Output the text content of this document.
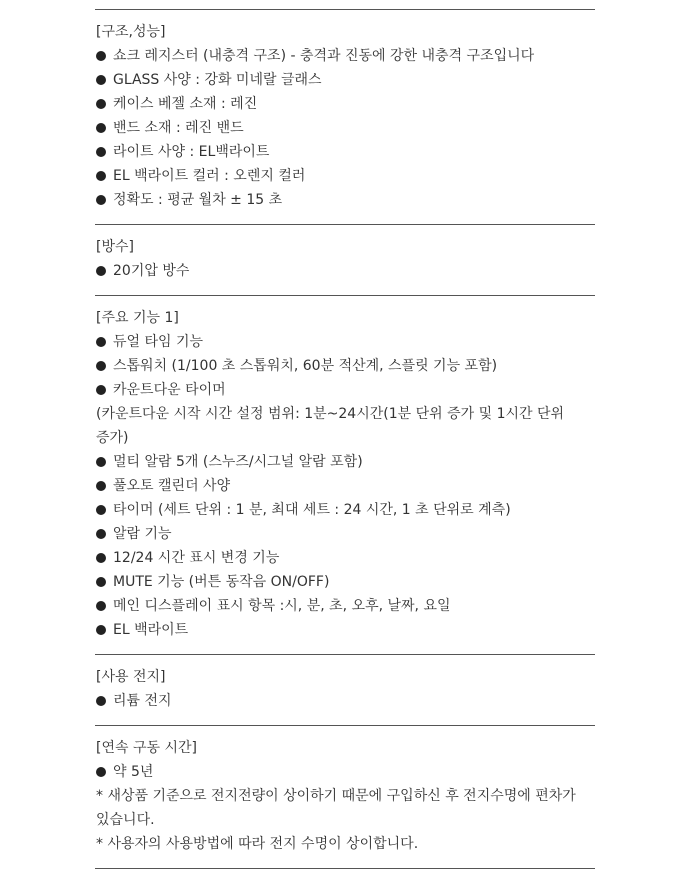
[구조,성능]
쇼크 레지스터 (내충격 구조) - 충격과 진동에 강한 내충격 구조입니다
GLASS 사양 : 강화 미네랄 글래스
케이스 베젤 소재 : 레진
밴드 소재 : 레진 밴드
라이트 사양 : EL백라이트
EL 백라이트 컬러 : 오렌지 컬러
정확도 : 평균 월차 ± 15 초
[방수]
20기압 방수
[주요 기능 1]
듀얼 타임 기능
스톱워치 (1/100 초 스톱워치, 60분 적산계, 스플릿 기능 포함)
카운트다운 타이머
(카운트다운 시작 시간 설정 범위: 1분~24시간(1분 단위 증가 및 1시간 단위
증가)
멀티 알람 5개 (스누즈/시그널 알람 포함)
풀오토 캘린더 사양
타이머 (세트 단위 : 1 분, 최대 세트 : 24 시간, 1 초 단위로 계측)
알람 기능
12/24 시간 표시 변경 기능
MUTE 기능 (버튼 동작음 ON/OFF)
메인 디스플레이 표시 항목 :시, 분, 초, 오후, 날짜, 요일
EL 백라이트
[사용 전지]
리튬 전지
[연속 구동 시간]
약 5년
* 새상품 기준으로 전지전량이 상이하기 때문에 구입하신 후 전지수명에 편차가
있습니다.
* 사용자의 사용방법에 따라 전지 수명이 상이합니다.
